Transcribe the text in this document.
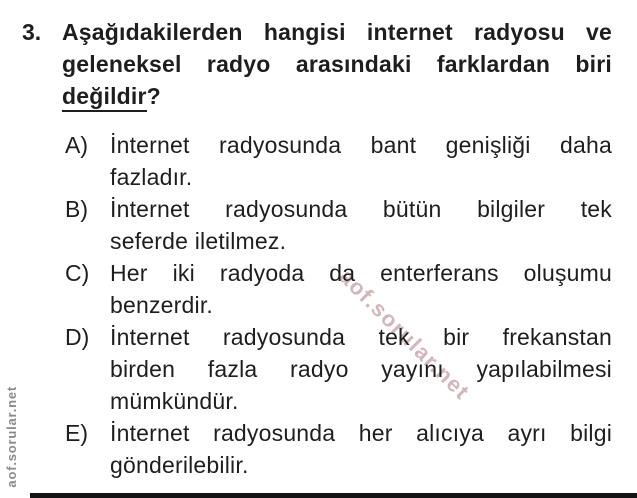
aof.sorular.net
3. Aşağıdakilerden hangisi internet radyosu ve
geleneksel radyo arasındaki farklardan biri
değildir?
A) İnternet radyosunda bant genişliği daha
fazladır.
B) İnternet radyosunda bütün bilgiler tek
seferde iletilmez.
C) Her iki radyoda da enterferans oluşumu
benzerdir.
D) İnternet radyosunda tek bir frekanstan
birden fazla radyo yayını yapılabilmesi
mümkündür.
E) İnternet radyosunda her alıcıya ayrı bilgi
gönderilebilir.
aof.sorular.net
